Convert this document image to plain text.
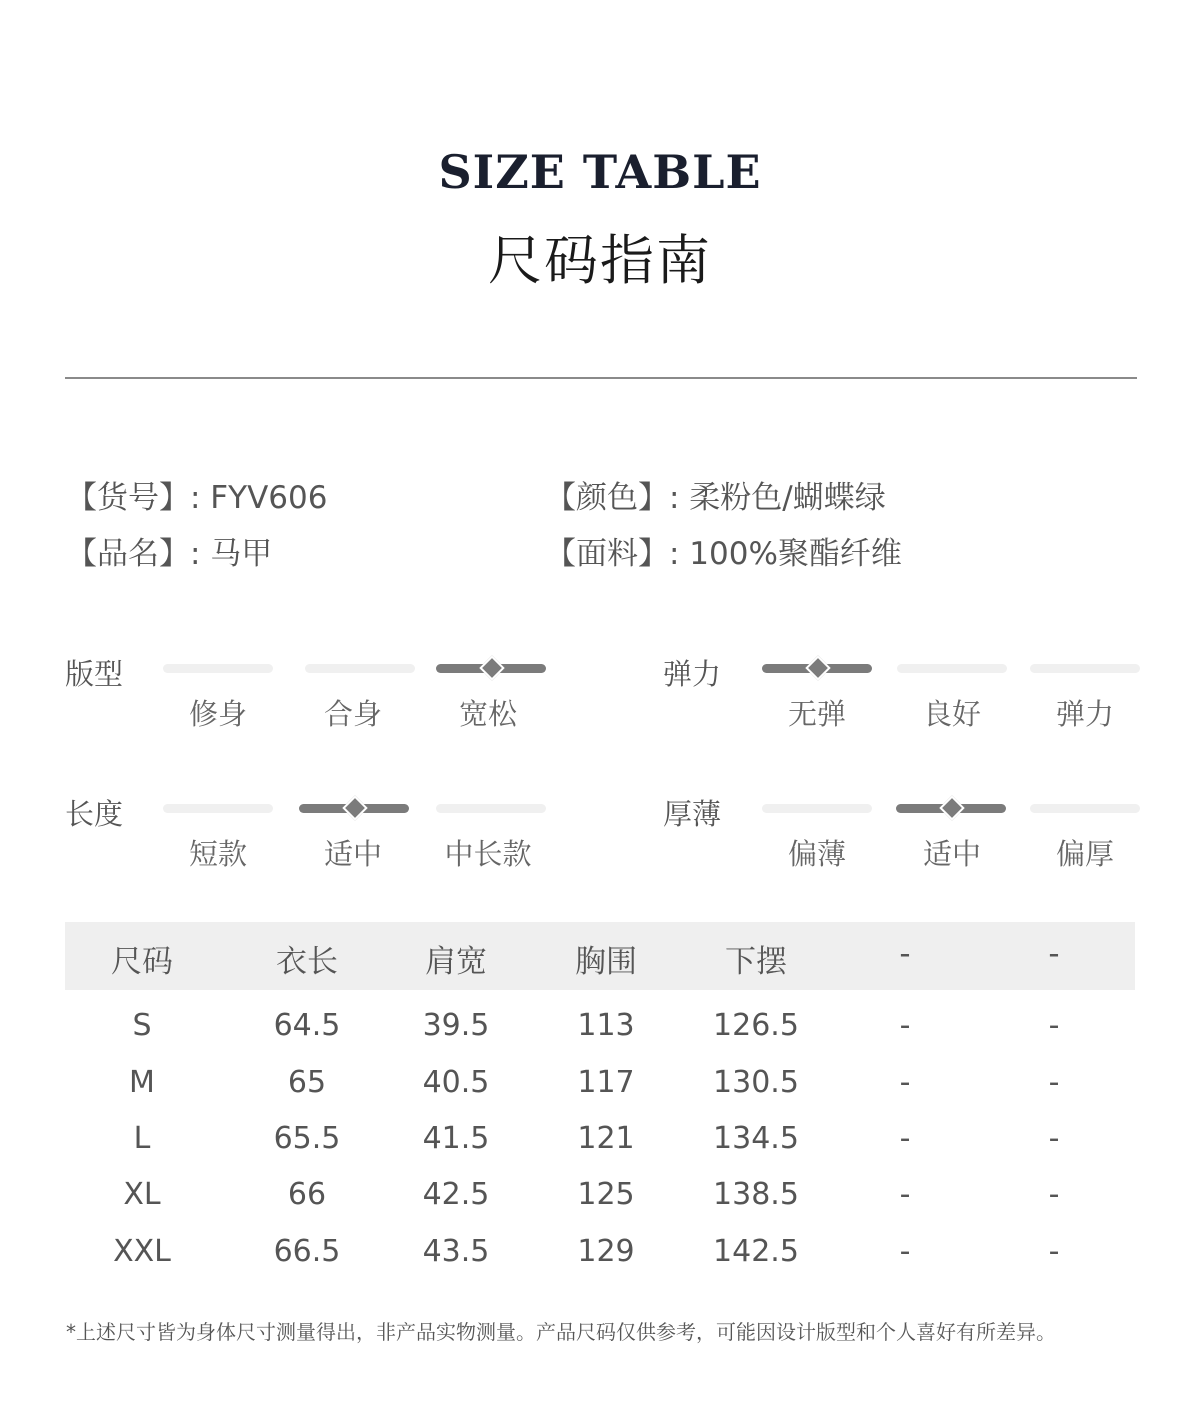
SIZE TABLE
尺码指南
【货号】: FYV606	【颜色】: 柔粉色/蝴蝶绿
【品名】: 马甲	【面料】: 100%聚酯纤维
版型
修身	合身	宽松
弹力
无弹	良好	弹力
长度
短款	适中	中长款
厚薄
偏薄	适中	偏厚
尺码	衣长	肩宽	胸围	下摆	-	-
S	64.5	39.5	113	126.5	-	-
M	65	40.5	117	130.5	-	-
L	65.5	41.5	121	134.5	-	-
XL	66	42.5	125	138.5	-	-
XXL	66.5	43.5	129	142.5	-	-
*上述尺寸皆为身体尺寸测量得出，非产品实物测量。产品尺码仅供参考，可能因设计版型和个人喜好有所差异。
